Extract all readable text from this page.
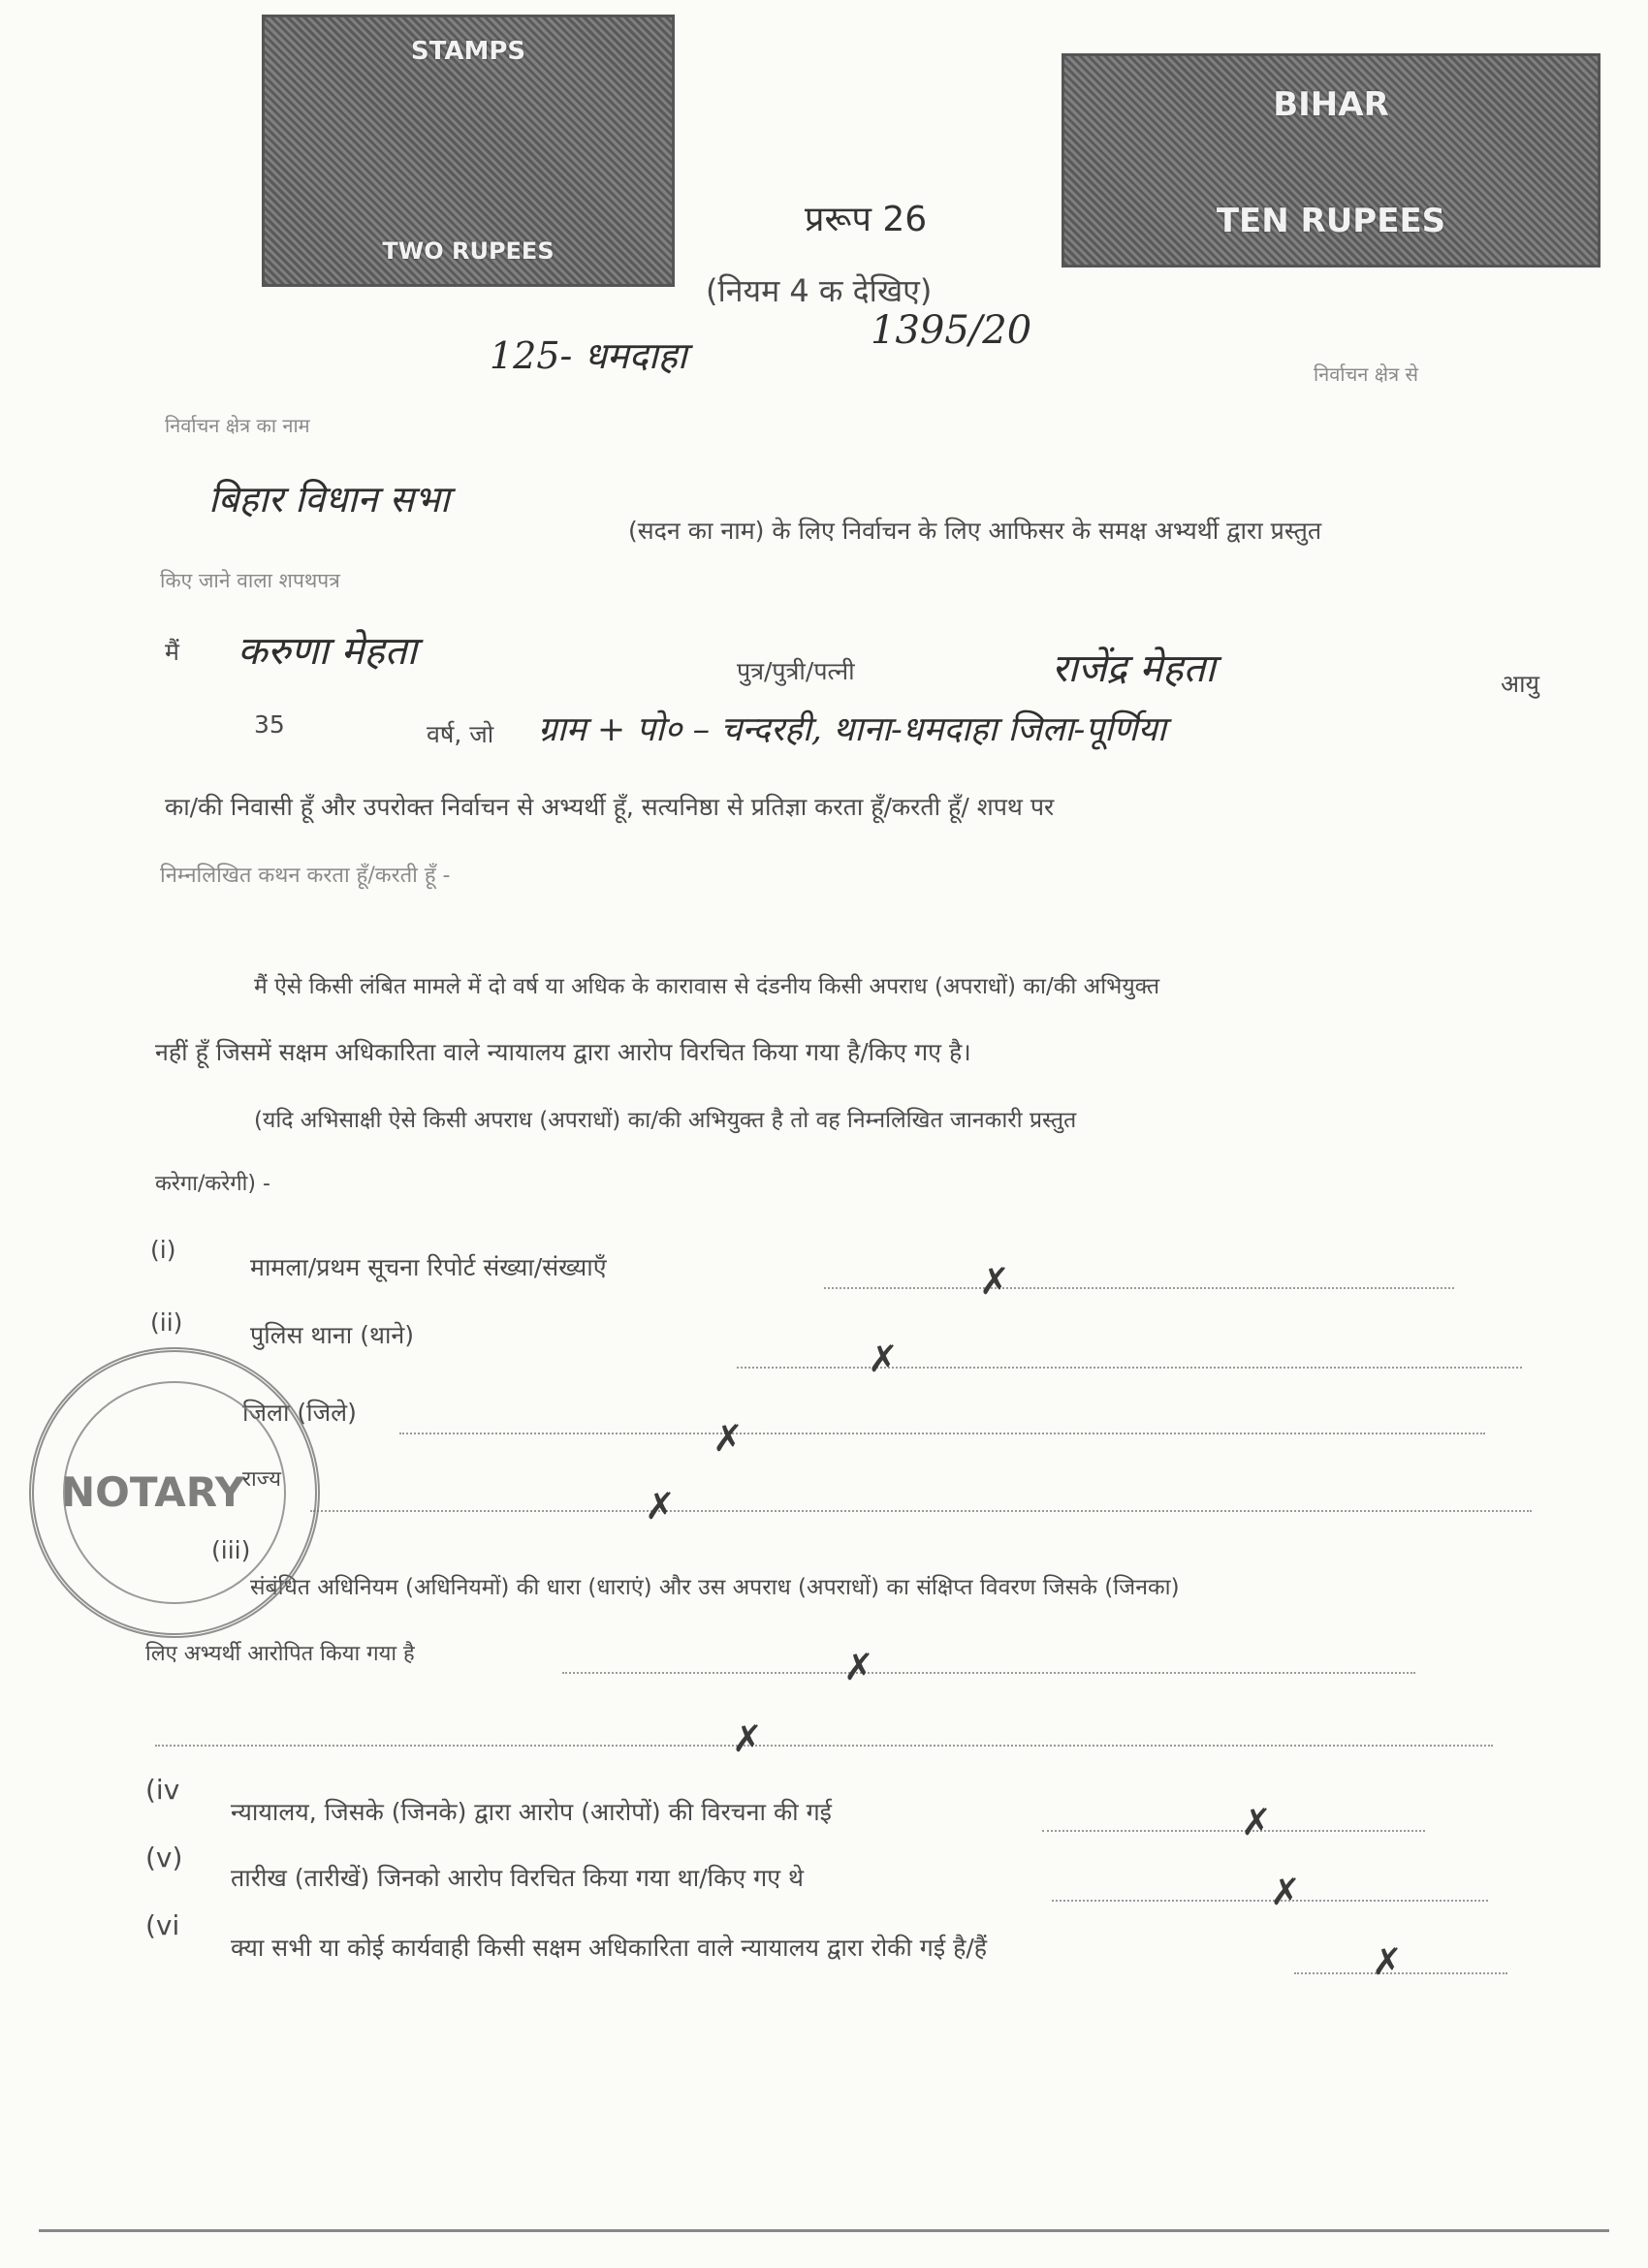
STAMPS
TWO RUPEES
BIHAR
TEN RUPEES
प्ररूप 26
(नियम 4 क देखिए)
1395/20
125- धमदाहा	निर्वाचन क्षेत्र से
निर्वाचन क्षेत्र का नाम
बिहार विधान सभा
(सदन का नाम) के लिए निर्वाचन के लिए आफिसर के समक्ष अभ्यर्थी द्वारा प्रस्तुत
किए जाने वाला शपथपत्र
मैं करुणा मेहता	पुत्र/पुत्री/पत्नी	राजेंद्र मेहता	आयु
35	वर्ष, जो ग्राम + पो० – चन्दरही, थाना-धमदाहा जिला-पूर्णिया
का/की निवासी हूँ और उपरोक्त निर्वाचन से अभ्यर्थी हूँ, सत्यनिष्ठा से प्रतिज्ञा करता हूँ/करती हूँ/ शपथ पर
निम्नलिखित कथन करता हूँ/करती हूँ -
मैं ऐसे किसी लंबित मामले में दो वर्ष या अधिक के कारावास से दंडनीय किसी अपराध (अपराधों) का/की अभियुक्त
नहीं हूँ जिसमें सक्षम अधिकारिता वाले न्यायालय द्वारा आरोप विरचित किया गया है/किए गए है।
(यदि अभिसाक्षी ऐसे किसी अपराध (अपराधों) का/की अभियुक्त है तो वह निम्नलिखित जानकारी प्रस्तुत
करेगा/करेगी) -
(i)
मामला/प्रथम सूचना रिपोर्ट संख्या/संख्याएँ	✗
(ii)	पुलिस थाना (थाने)
✗
जिला (जिले)
✗
राज्य
✗
(iii)
संबंधित अधिनियम (अधिनियमों) की धारा (धाराएं) और उस अपराध (अपराधों) का संक्षिप्त विवरण जिसके (जिनका)
लिए अभ्यर्थी आरोपित किया गया है	✗
✗
(iv
न्यायालय, जिसके (जिनके) द्वारा आरोप (आरोपों) की विरचना की गई	✗
(v)
तारीख (तारीखें) जिनको आरोप विरचित किया गया था/किए गए थे	✗
(vi
क्या सभी या कोई कार्यवाही किसी सक्षम अधिकारिता वाले न्यायालय द्वारा रोकी गई है/हैं	✗
NOTARY
